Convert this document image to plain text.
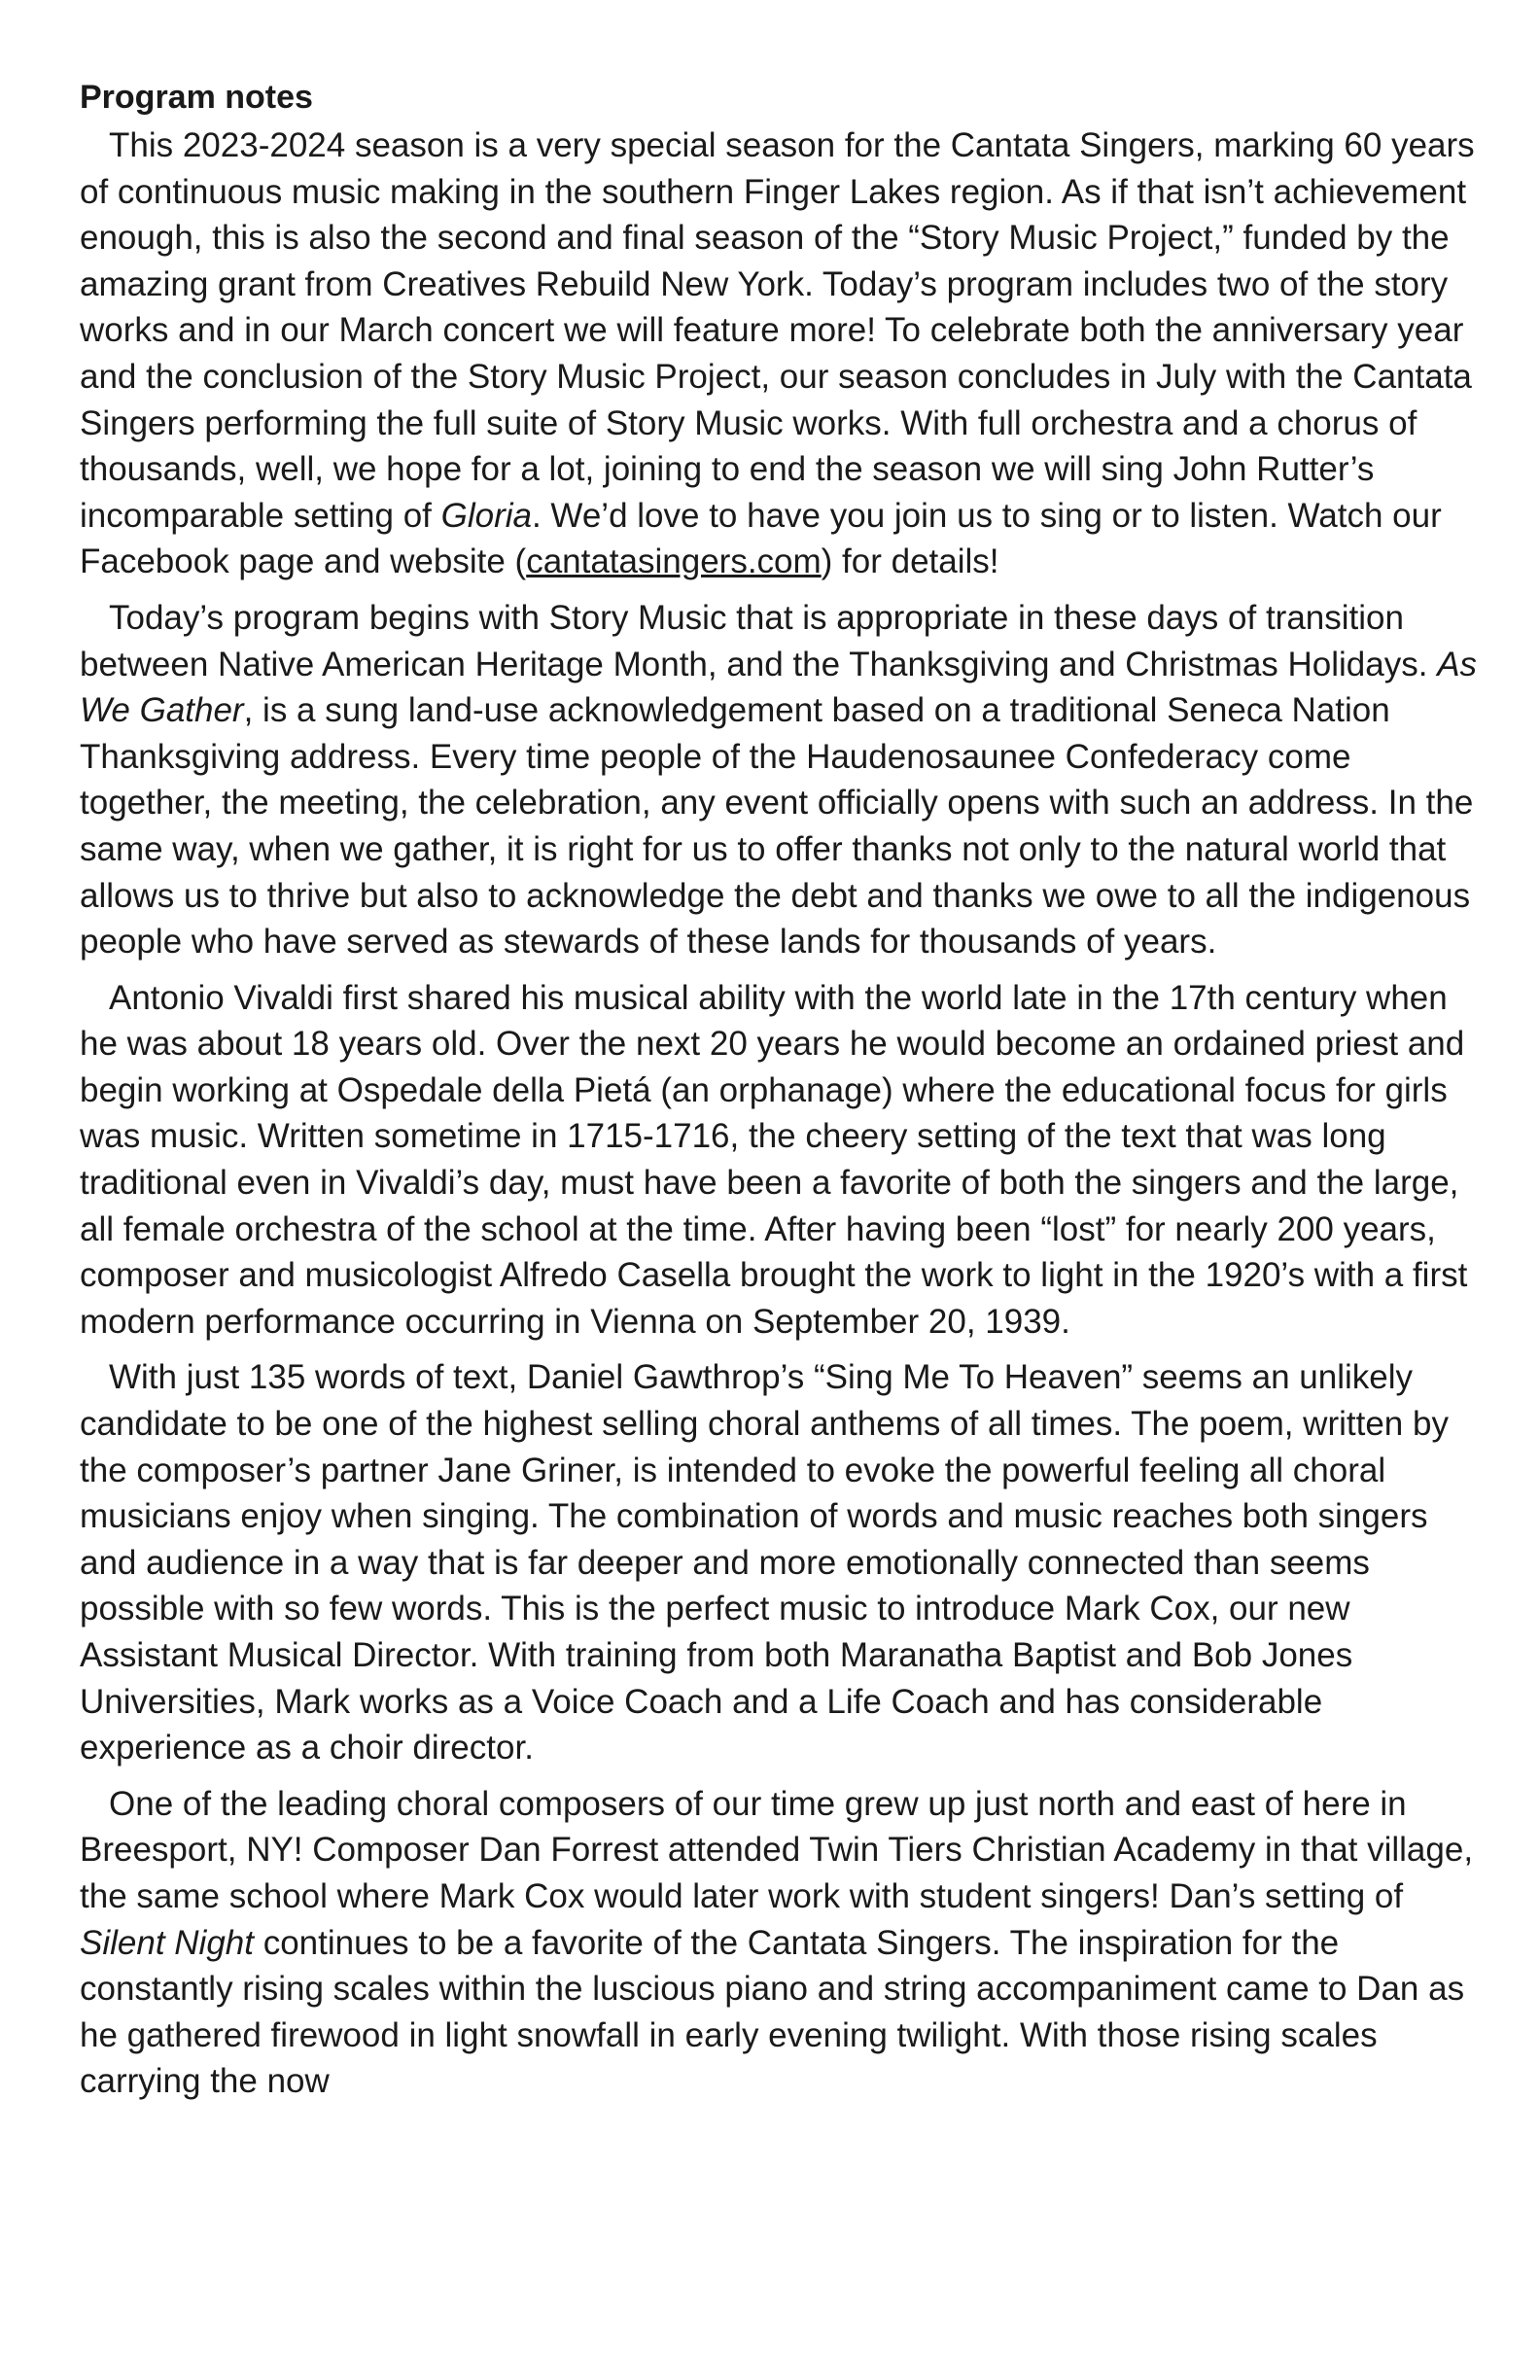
Program notes

This 2023-2024 season is a very special season for the Cantata Singers, marking 60 years of continuous music making in the southern Finger Lakes region. As if that isn’t achievement enough, this is also the second and final season of the “Story Music Project,” funded by the amazing grant from Creatives Rebuild New York. Today’s program includes two of the story works and in our March concert we will feature more! To celebrate both the anniversary year and the conclusion of the Story Music Project, our season concludes in July with the Cantata Singers performing the full suite of Story Music works. With full orchestra and a chorus of thousands, well, we hope for a lot, joining to end the season we will sing John Rutter’s incomparable setting of Gloria. We’d love to have you join us to sing or to listen. Watch our Facebook page and website (cantatasingers.com) for details!

Today’s program begins with Story Music that is appropriate in these days of transition between Native American Heritage Month, and the Thanksgiving and Christmas Holidays. As We Gather, is a sung land-use acknowledgement based on a traditional Seneca Nation Thanksgiving address. Every time people of the Haudenosaunee Confederacy come together, the meeting, the celebration, any event officially opens with such an address. In the same way, when we gather, it is right for us to offer thanks not only to the natural world that allows us to thrive but also to acknowledge the debt and thanks we owe to all the indigenous people who have served as stewards of these lands for thousands of years.

Antonio Vivaldi first shared his musical ability with the world late in the 17th century when he was about 18 years old. Over the next 20 years he would become an ordained priest and begin working at Ospedale della Pietá (an orphanage) where the educational focus for girls was music. Written sometime in 1715-1716, the cheery setting of the text that was long traditional even in Vivaldi’s day, must have been a favorite of both the singers and the large, all female orchestra of the school at the time. After having been “lost” for nearly 200 years, composer and musicologist Alfredo Casella brought the work to light in the 1920’s with a first modern performance occurring in Vienna on September 20, 1939.

With just 135 words of text, Daniel Gawthrop’s “Sing Me To Heaven” seems an unlikely candidate to be one of the highest selling choral anthems of all times. The poem, written by the composer’s partner Jane Griner, is intended to evoke the powerful feeling all choral musicians enjoy when singing. The combination of words and music reaches both singers and audience in a way that is far deeper and more emotionally connected than seems possible with so few words. This is the perfect music to introduce Mark Cox, our new Assistant Musical Director. With training from both Maranatha Baptist and Bob Jones Universities, Mark works as a Voice Coach and a Life Coach and has considerable experience as a choir director.

One of the leading choral composers of our time grew up just north and east of here in Breesport, NY! Composer Dan Forrest attended Twin Tiers Christian Academy in that village, the same school where Mark Cox would later work with student singers! Dan’s setting of Silent Night continues to be a favorite of the Cantata Singers. The inspiration for the constantly rising scales within the luscious piano and string accompaniment came to Dan as he gathered firewood in light snowfall in early evening twilight. With those rising scales carrying the now
